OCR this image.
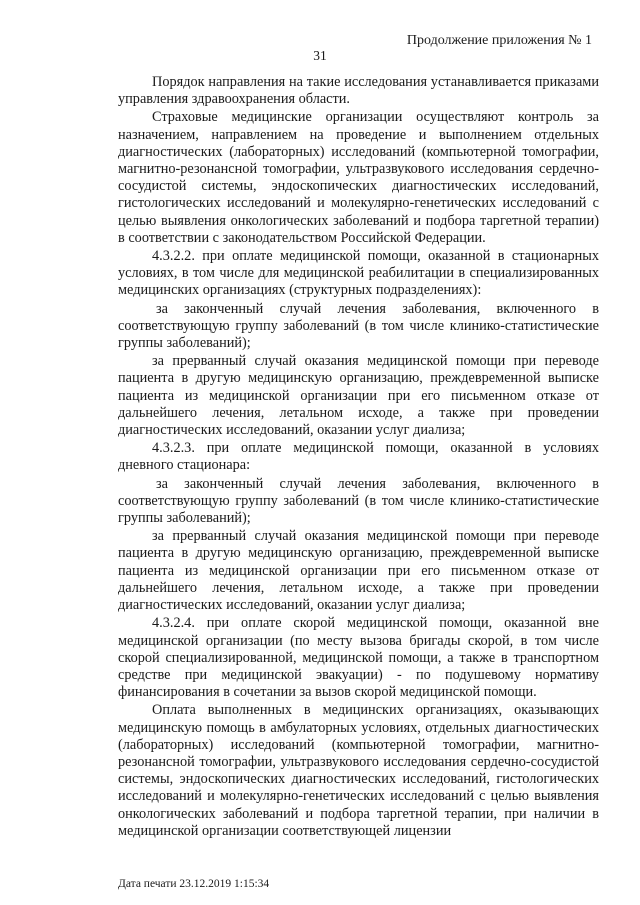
Продолжение приложения № 1
31

Порядок направления на такие исследования устанавливается приказами управления здравоохранения области.

Страховые медицинские организации осуществляют контроль за назначением, направлением на проведение и выполнением отдельных диагностических (лабораторных) исследований (компьютерной томографии, магнитно-резонансной томографии, ультразвукового исследования сердечно-сосудистой системы, эндоскопических диагностических исследований, гистологических исследований и молекулярно-генетических исследований с целью выявления онкологических заболеваний и подбора таргетной терапии) в соответствии с законодательством Российской Федерации.

4.3.2.2. при оплате медицинской помощи, оказанной в стационарных условиях, в том числе для медицинской реабилитации в специализированных медицинских организациях (структурных подразделениях):

за законченный случай лечения заболевания, включенного в соответствующую группу заболеваний (в том числе клинико-статистические группы заболеваний);

за прерванный случай оказания медицинской помощи при переводе пациента в другую медицинскую организацию, преждевременной выписке пациента из медицинской организации при его письменном отказе от дальнейшего лечения, летальном исходе, а также при проведении диагностических исследований, оказании услуг диализа;

4.3.2.3. при оплате медицинской помощи, оказанной в условиях дневного стационара:

за законченный случай лечения заболевания, включенного в соответствующую группу заболеваний (в том числе клинико-статистические группы заболеваний);

за прерванный случай оказания медицинской помощи при переводе пациента в другую медицинскую организацию, преждевременной выписке пациента из медицинской организации при его письменном отказе от дальнейшего лечения, летальном исходе, а также при проведении диагностических исследований, оказании услуг диализа;

4.3.2.4. при оплате скорой медицинской помощи, оказанной вне медицинской организации (по месту вызова бригады скорой, в том числе скорой специализированной, медицинской помощи, а также в транспортном средстве при медицинской эвакуации) - по подушевому нормативу финансирования в сочетании за вызов скорой медицинской помощи.

Оплата выполненных в медицинских организациях, оказывающих медицинскую помощь в амбулаторных условиях, отдельных диагностических (лабораторных) исследований (компьютерной томографии, магнитно-резонансной томографии, ультразвукового исследования сердечно-сосудистой системы, эндоскопических диагностических исследований, гистологических исследований и молекулярно-генетических исследований с целью выявления онкологических заболеваний и подбора таргетной терапии, при наличии в медицинской организации соответствующей лицензии

Дата печати 23.12.2019 1:15:34
